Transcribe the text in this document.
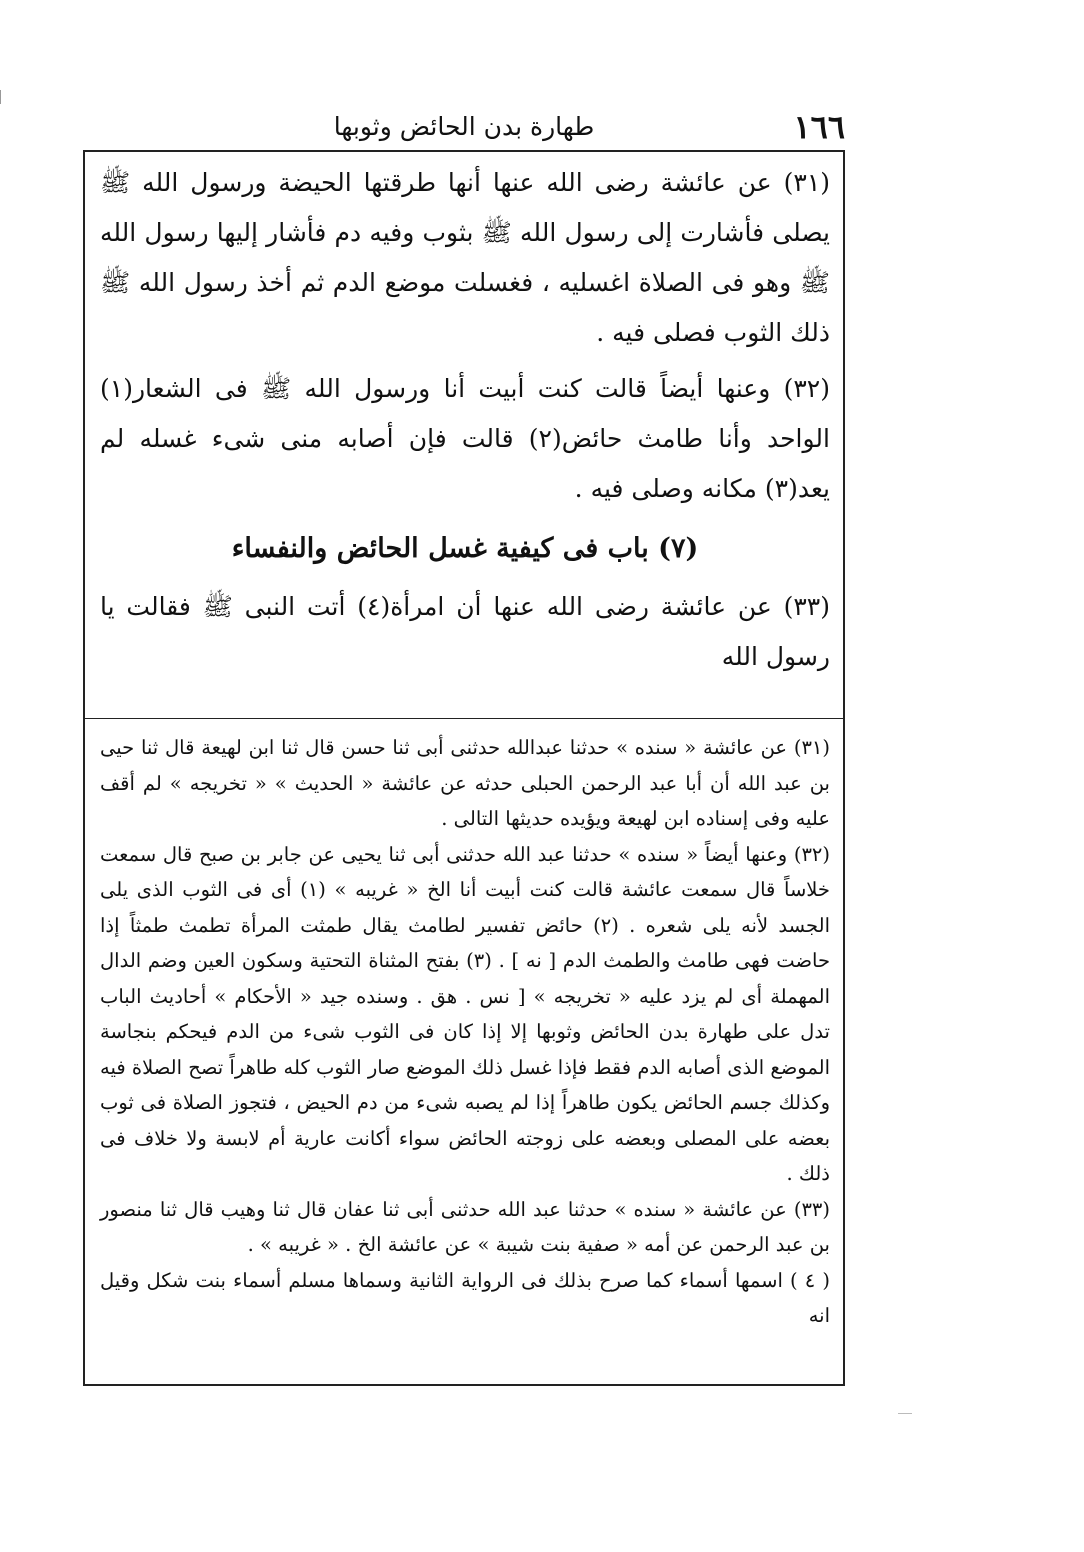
١٦٦
طهارة بدن الحائض وثوبها

(٣١) عن عائشة رضى الله عنها أنها طرقتها الحيضة ورسول الله ﷺ يصلى فأشارت إلى رسول الله ﷺ بثوب وفيه دم فأشار إليها رسول الله ﷺ وهو فى الصلاة اغسليه ، فغسلت موضع الدم ثم أخذ رسول الله ﷺ ذلك الثوب فصلى فيه .

(٣٢) وعنها أيضاً قالت كنت أبيت أنا ورسول الله ﷺ فى الشعار(١) الواحد وأنا طامث حائض(٢) قالت فإن أصابه منى شىء غسله لم يعد(٣) مكانه وصلى فيه .

(٧) باب فى كيفية غسل الحائض والنفساء

(٣٣) عن عائشة رضى الله عنها أن امرأة(٤) أتت النبى ﷺ فقالت يا رسول الله

(٣١) عن عائشة « سنده » حدثنا عبدالله حدثنى أبى ثنا حسن قال ثنا ابن لهيعة قال ثنا حيى بن عبد الله أن أبا عبد الرحمن الحبلى حدثه عن عائشة « الحديث » « تخريجه » لم أقف عليه وفى إسناده ابن لهيعة ويؤيده حديثها التالى .

(٣٢) وعنها أيضاً « سنده » حدثنا عبد الله حدثنى أبى ثنا يحيى عن جابر بن صبح قال سمعت خلاساً قال سمعت عائشة قالت كنت أبيت أنا الخ « غريبه » (١) أى فى الثوب الذى يلى الجسد لأنه يلى شعره . (٢) حائض تفسير لطامث يقال طمثت المرأة تطمث طمثاً إذا حاضت فهى طامث والطمث الدم [ نه ] . (٣) بفتح المثناة التحتية وسكون العين وضم الدال المهملة أى لم يزد عليه « تخريجه » [ نس . هق . وسنده جيد « الأحكام » أحاديث الباب تدل على طهارة بدن الحائض وثوبها إلا إذا كان فى الثوب شىء من الدم فيحكم بنجاسة الموضع الذى أصابه الدم فقط فإذا غسل ذلك الموضع صار الثوب كله طاهراً تصح الصلاة فيه وكذلك جسم الحائض يكون طاهراً إذا لم يصبه شىء من دم الحيض ، فتجوز الصلاة فى ثوب بعضه على المصلى وبعضه على زوجته الحائض سواء أكانت عارية أم لابسة ولا خلاف فى ذلك .

(٣٣) عن عائشة « سنده » حدثنا عبد الله حدثنى أبى ثنا عفان قال ثنا وهيب قال ثنا منصور بن عبد الرحمن عن أمه « صفية بنت شيبة » عن عائشة الخ . « غريبه » .

( ٤ ) اسمها أسماء كما صرح بذلك فى الرواية الثانية وسماها مسلم أسماء بنت شكل وقيل انه
